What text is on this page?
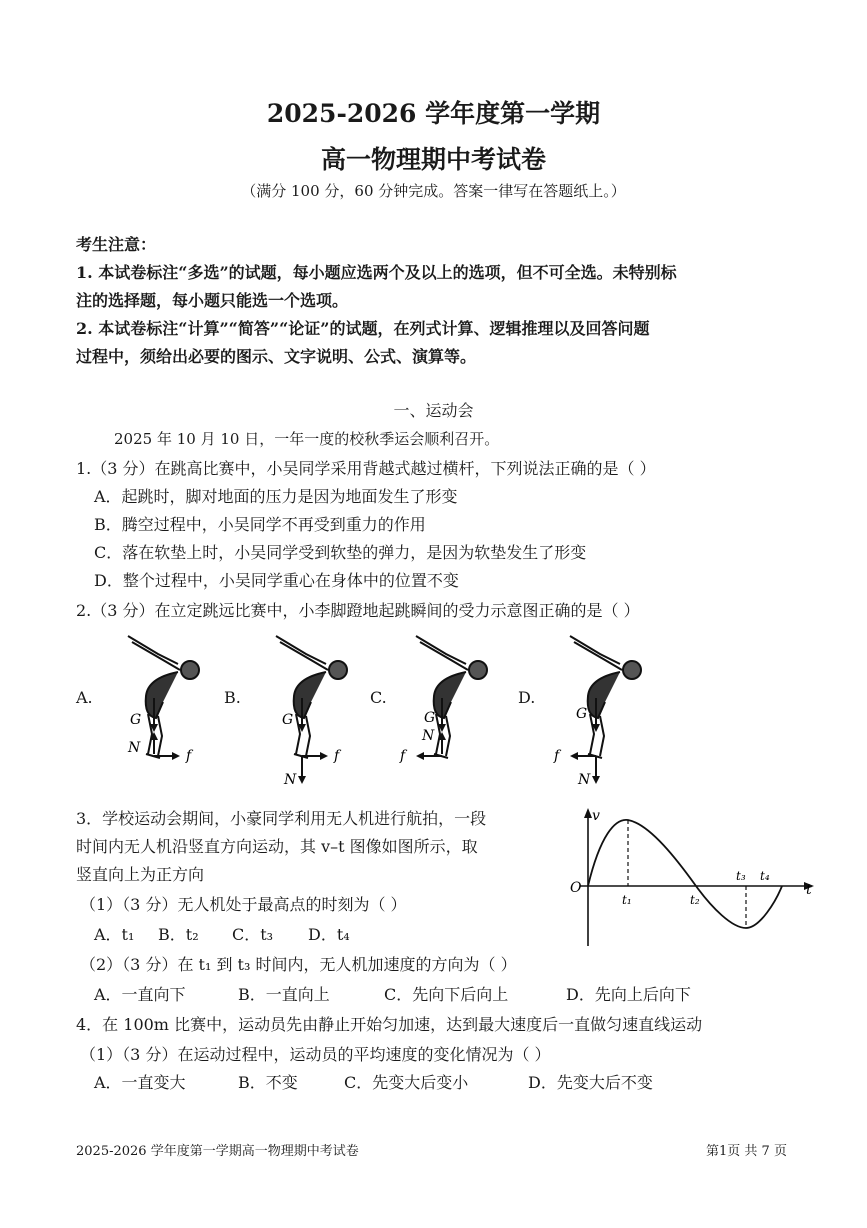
2025-2026 学年度第一学期
高一物理期中考试卷
（满分 100 分，60 分钟完成。答案一律写在答题纸上。）
考生注意：
1. 本试卷标注“多选”的试题，每小题应选两个及以上的选项，但不可全选。未特别标
注的选择题，每小题只能选一个选项。
2. 本试卷标注“计算”“简答”“论证”的试题，在列式计算、逻辑推理以及回答问题
过程中，须给出必要的图示、文字说明、公式、演算等。
一、运动会
2025 年 10 月 10 日，一年一度的校秋季运会顺利召开。
1.（3 分）在跳高比赛中，小吴同学采用背越式越过横杆，下列说法正确的是（ ）
A．起跳时，脚对地面的压力是因为地面发生了形变
B．腾空过程中，小吴同学不再受到重力的作用
C．落在软垫上时，小吴同学受到软垫的弹力，是因为软垫发生了形变
D．整个过程中，小吴同学重心在身体中的位置不变
2.（3 分）在立定跳远比赛中，小李脚蹬地起跳瞬间的受力示意图正确的是（ ）
A.
G
N	f
B.
G
N
f
C.
G
N
f
D.
G
N
f
3．学校运动会期间，小豪同学利用无人机进行航拍，一段
时间内无人机沿竖直方向运动，其 v–t 图像如图所示，取
竖直向上为正方向
（1）（3 分）无人机处于最高点的时刻为（ ）
A．t₁ B．t₂ C．t₃ D．t₄
（2）（3 分）在 t₁ 到 t₃ 时间内，无人机加速度的方向为（ ）
A．一直向下	B．一直向上	C．先向下后向上	D．先向上后向下
v
t
O
t₁	t₂
t₃ t₄
4．在 100m 比赛中，运动员先由静止开始匀加速，达到最大速度后一直做匀速直线运动
（1）（3 分）在运动过程中，运动员的平均速度的变化情况为（ ）
A．一直变大	B．不变	C．先变大后变小	D．先变大后不变
2025-2026 学年度第一学期高一物理期中考试卷	第1页 共 7 页
